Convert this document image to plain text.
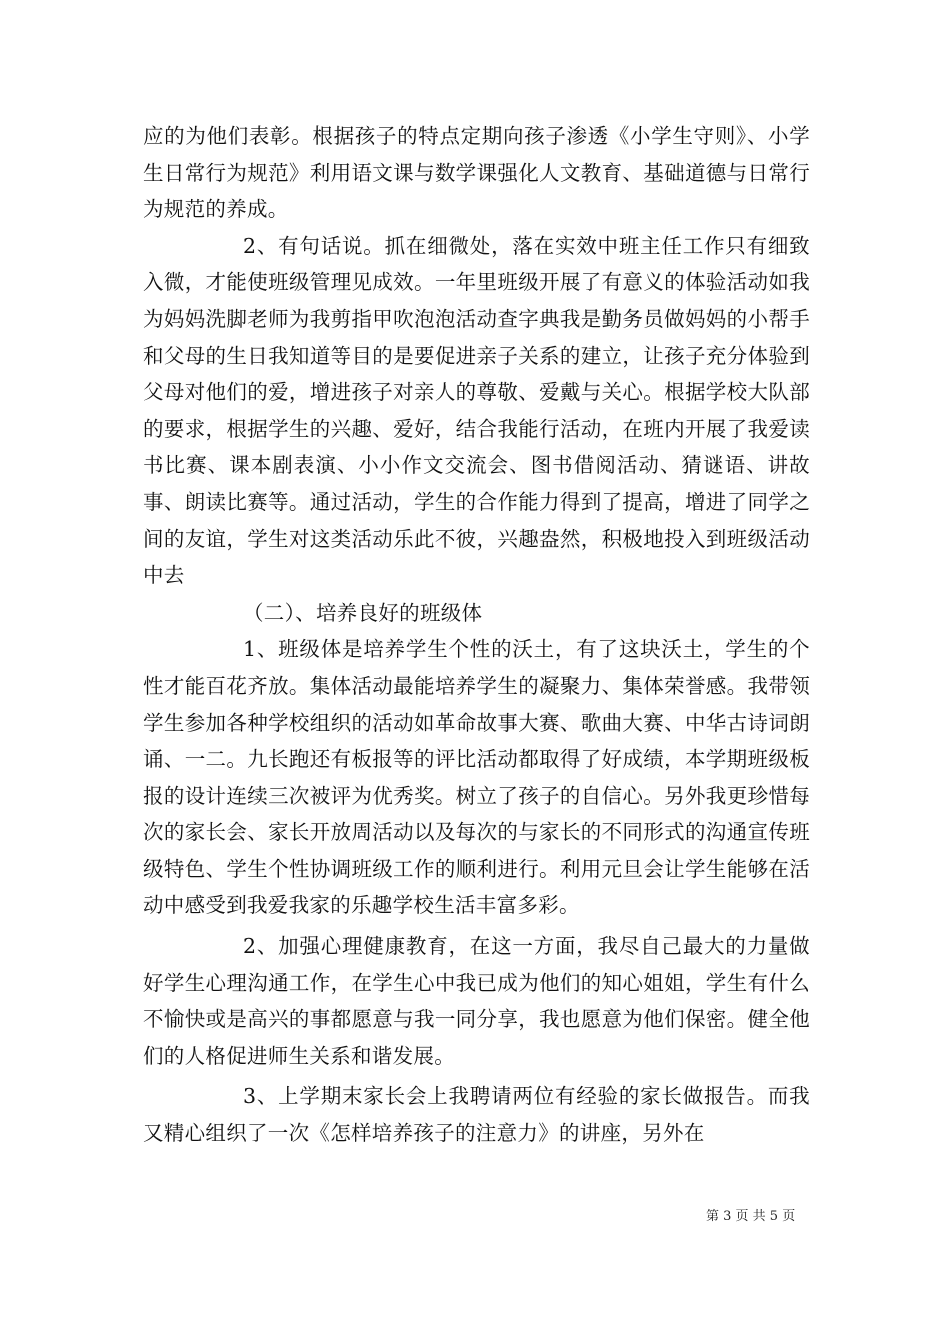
应的为他们表彰。根据孩子的特点定期向孩子渗透《小学生守则》、小学生日常行为规范》利用语文课与数学课强化人文教育、基础道德与日常行为规范的养成。

2、有句话说。抓在细微处，落在实效中班主任工作只有细致入微，才能使班级管理见成效。一年里班级开展了有意义的体验活动如我为妈妈洗脚老师为我剪指甲吹泡泡活动查字典我是勤务员做妈妈的小帮手和父母的生日我知道等目的是要促进亲子关系的建立，让孩子充分体验到父母对他们的爱，增进孩子对亲人的尊敬、爱戴与关心。根据学校大队部的要求，根据学生的兴趣、爱好，结合我能行活动，在班内开展了我爱读书比赛、课本剧表演、小小作文交流会、图书借阅活动、猜谜语、讲故事、朗读比赛等。通过活动，学生的合作能力得到了提高，增进了同学之间的友谊，学生对这类活动乐此不彼，兴趣盎然，积极地投入到班级活动中去

（二）、培养良好的班级体

1、班级体是培养学生个性的沃土，有了这块沃土，学生的个性才能百花齐放。集体活动最能培养学生的凝聚力、集体荣誉感。我带领学生参加各种学校组织的活动如革命故事大赛、歌曲大赛、中华古诗词朗诵、一二。九长跑还有板报等的评比活动都取得了好成绩，本学期班级板报的设计连续三次被评为优秀奖。树立了孩子的自信心。另外我更珍惜每次的家长会、家长开放周活动以及每次的与家长的不同形式的沟通宣传班级特色、学生个性协调班级工作的顺利进行。利用元旦会让学生能够在活动中感受到我爱我家的乐趣学校生活丰富多彩。

2、加强心理健康教育，在这一方面，我尽自己最大的力量做好学生心理沟通工作，在学生心中我已成为他们的知心姐姐，学生有什么不愉快或是高兴的事都愿意与我一同分享，我也愿意为他们保密。健全他们的人格促进师生关系和谐发展。

3、上学期末家长会上我聘请两位有经验的家长做报告。而我又精心组织了一次《怎样培养孩子的注意力》的讲座，另外在

第 3 页 共 5 页
